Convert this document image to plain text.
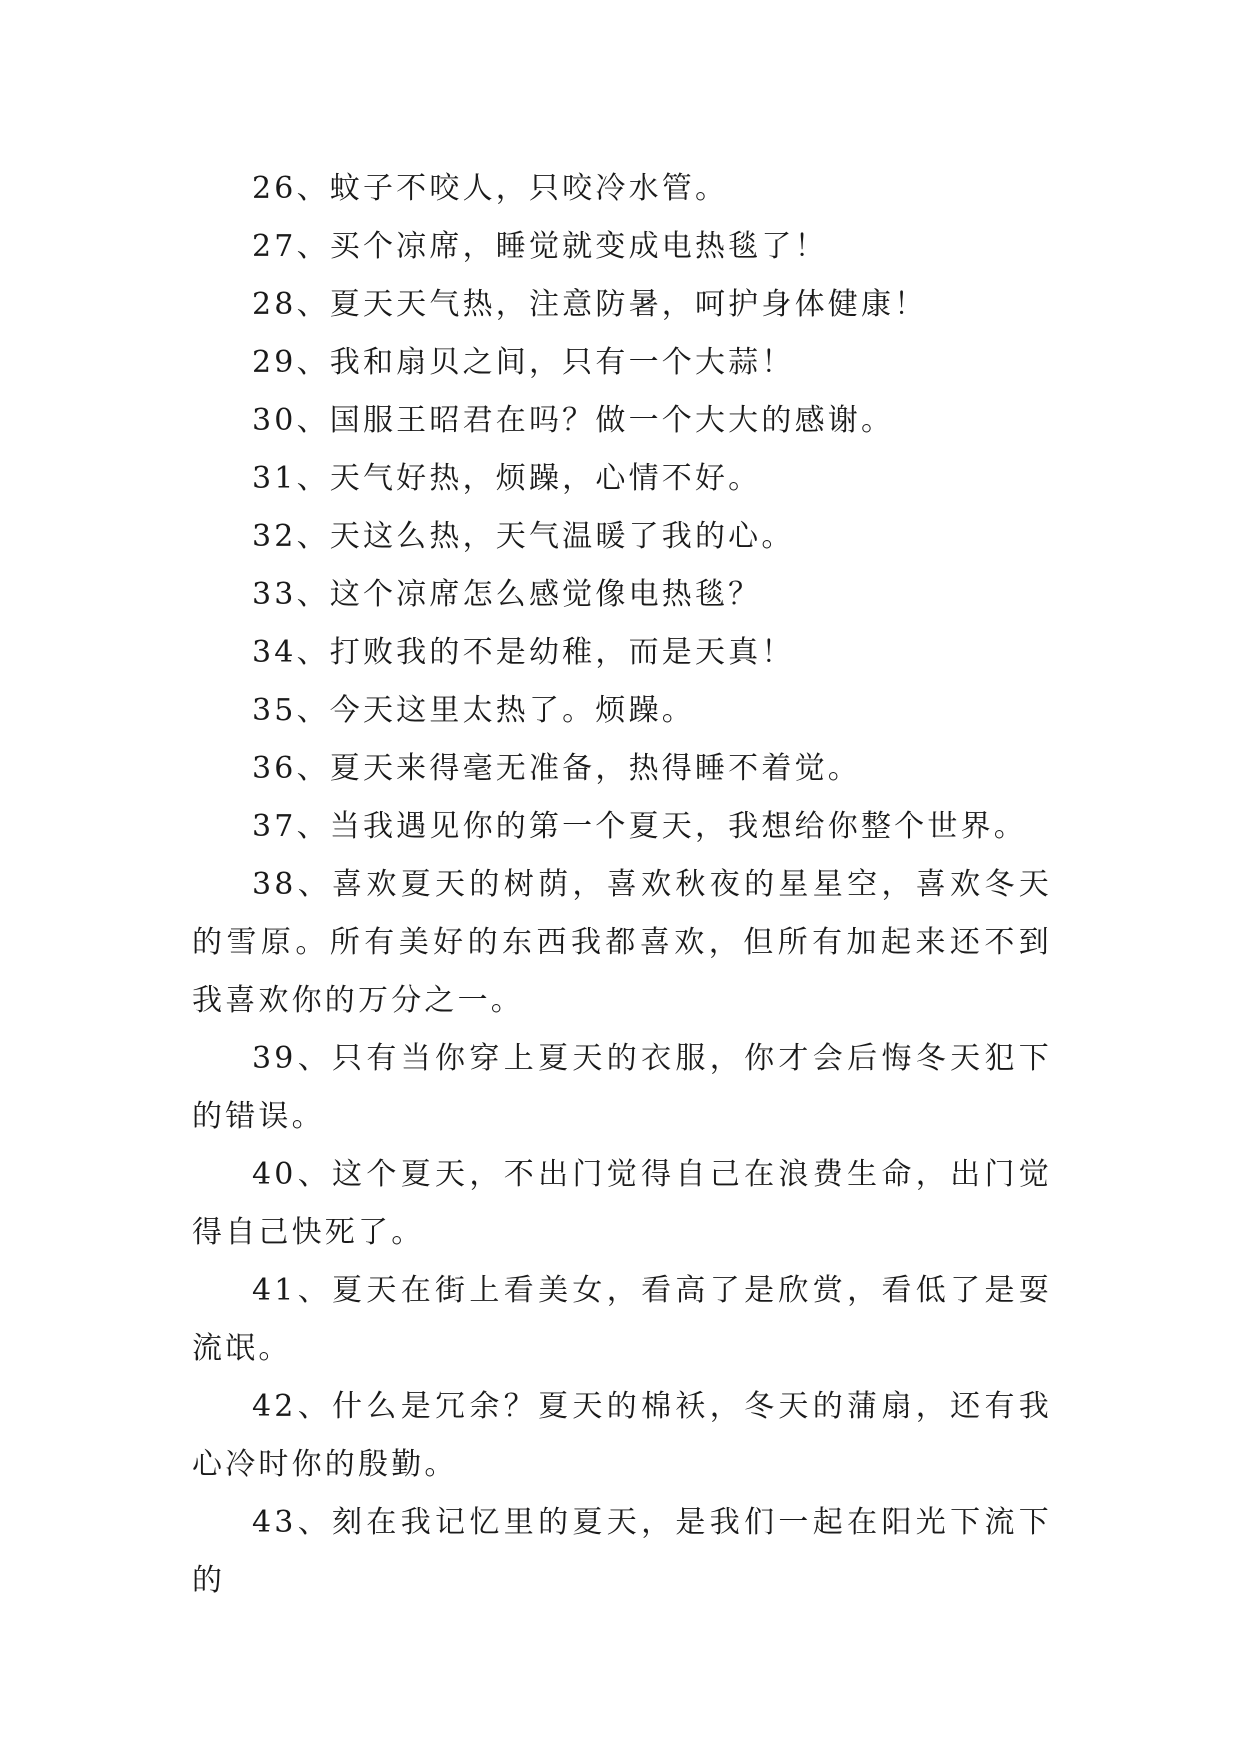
26、蚊子不咬人，只咬冷水管。

27、买个凉席，睡觉就变成电热毯了！

28、夏天天气热，注意防暑，呵护身体健康！

29、我和扇贝之间，只有一个大蒜！

30、国服王昭君在吗？做一个大大的感谢。

31、天气好热，烦躁，心情不好。

32、天这么热，天气温暖了我的心。

33、这个凉席怎么感觉像电热毯？

34、打败我的不是幼稚，而是天真！

35、今天这里太热了。烦躁。

36、夏天来得毫无准备，热得睡不着觉。

37、当我遇见你的第一个夏天，我想给你整个世界。

38、喜欢夏天的树荫，喜欢秋夜的星星空，喜欢冬天的雪原。所有美好的东西我都喜欢，但所有加起来还不到我喜欢你的万分之一。

39、只有当你穿上夏天的衣服，你才会后悔冬天犯下的错误。

40、这个夏天，不出门觉得自己在浪费生命，出门觉得自己快死了。

41、夏天在街上看美女，看高了是欣赏，看低了是耍流氓。

42、什么是冗余？夏天的棉袄，冬天的蒲扇，还有我心冷时你的殷勤。

43、刻在我记忆里的夏天，是我们一起在阳光下流下的
